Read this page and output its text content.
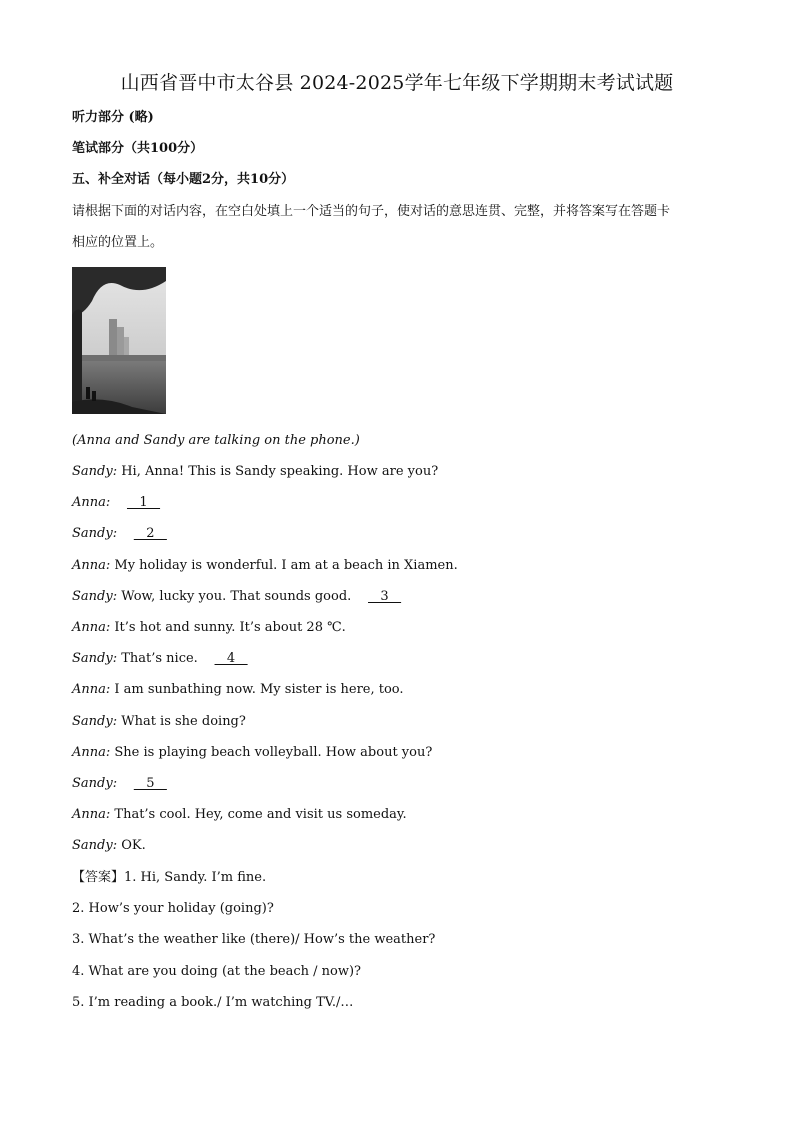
山西省晋中市太谷县 2024-2025学年七年级下学期期末考试试题
听力部分 (略)
笔试部分（共100分）
五、补全对话（每小题2分，共10分）
请根据下面的对话内容，在空白处填上一个适当的句子，使对话的意思连贯、完整，并将答案写在答题卡
相应的位置上。
(Anna and Sandy are talking on the phone.)
Sandy: Hi, Anna! This is Sandy speaking. How are you?
Anna:     1
Sandy:     2
Anna: My holiday is wonderful. I am at a beach in Xiamen.
Sandy: Wow, lucky you. That sounds good.     3
Anna: It’s hot and sunny. It’s about 28 ℃.
Sandy: That’s nice.     4
Anna: I am sunbathing now. My sister is here, too.
Sandy: What is she doing?
Anna: She is playing beach volleyball. How about you?
Sandy:     5
Anna: That’s cool. Hey, come and visit us someday.
Sandy: OK.
【答案】1. Hi, Sandy. I’m fine.
2. How’s your holiday (going)?
3. What’s the weather like (there)/ How’s the weather?
4. What are you doing (at the beach / now)?
5. I’m reading a book./ I’m watching TV./…
